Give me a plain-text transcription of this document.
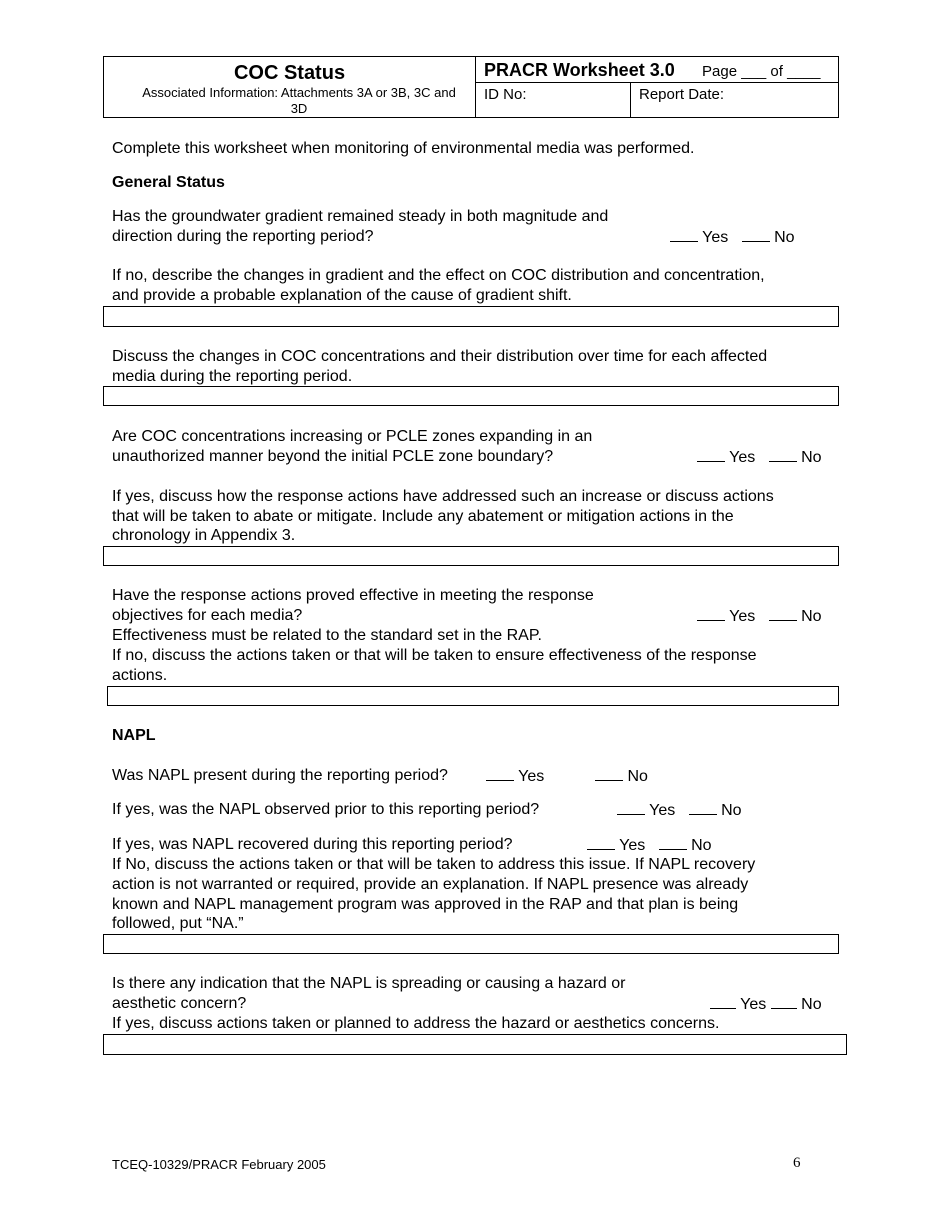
COC Status
Associated Information: Attachments 3A or 3B, 3C and 3D
PRACR Worksheet 3.0 Page ___ of ____
ID No:	Report Date:
Complete this worksheet when monitoring of environmental media was performed.
General Status
Has the groundwater gradient remained steady in both magnitude and
direction during the reporting period?	Yes	No
If no, describe the changes in gradient and the effect on COC distribution and concentration,
and provide a probable explanation of the cause of gradient shift.
Discuss the changes in COC concentrations and their distribution over time for each affected
media during the reporting period.
Are COC concentrations increasing or PCLE zones expanding in an
unauthorized manner beyond the initial PCLE zone boundary?	Yes	No
If yes, discuss how the response actions have addressed such an increase or discuss actions
that will be taken to abate or mitigate. Include any abatement or mitigation actions in the
chronology in Appendix 3.
Have the response actions proved effective in meeting the response
objectives for each media?	Yes	No
Effectiveness must be related to the standard set in the RAP.
If no, discuss the actions taken or that will be taken to ensure effectiveness of the response
actions.
NAPL
Was NAPL present during the reporting period?	Yes	No
If yes, was the NAPL observed prior to this reporting period?	Yes	No
If yes, was NAPL recovered during this reporting period?	Yes	No
If No, discuss the actions taken or that will be taken to address this issue. If NAPL recovery
action is not warranted or required, provide an explanation. If NAPL presence was already
known and NAPL management program was approved in the RAP and that plan is being
followed, put “NA.”
Is there any indication that the NAPL is spreading or causing a hazard or
aesthetic concern?	Yes No
If yes, discuss actions taken or planned to address the hazard or aesthetics concerns.
TCEQ-10329/PRACR February 2005	6
